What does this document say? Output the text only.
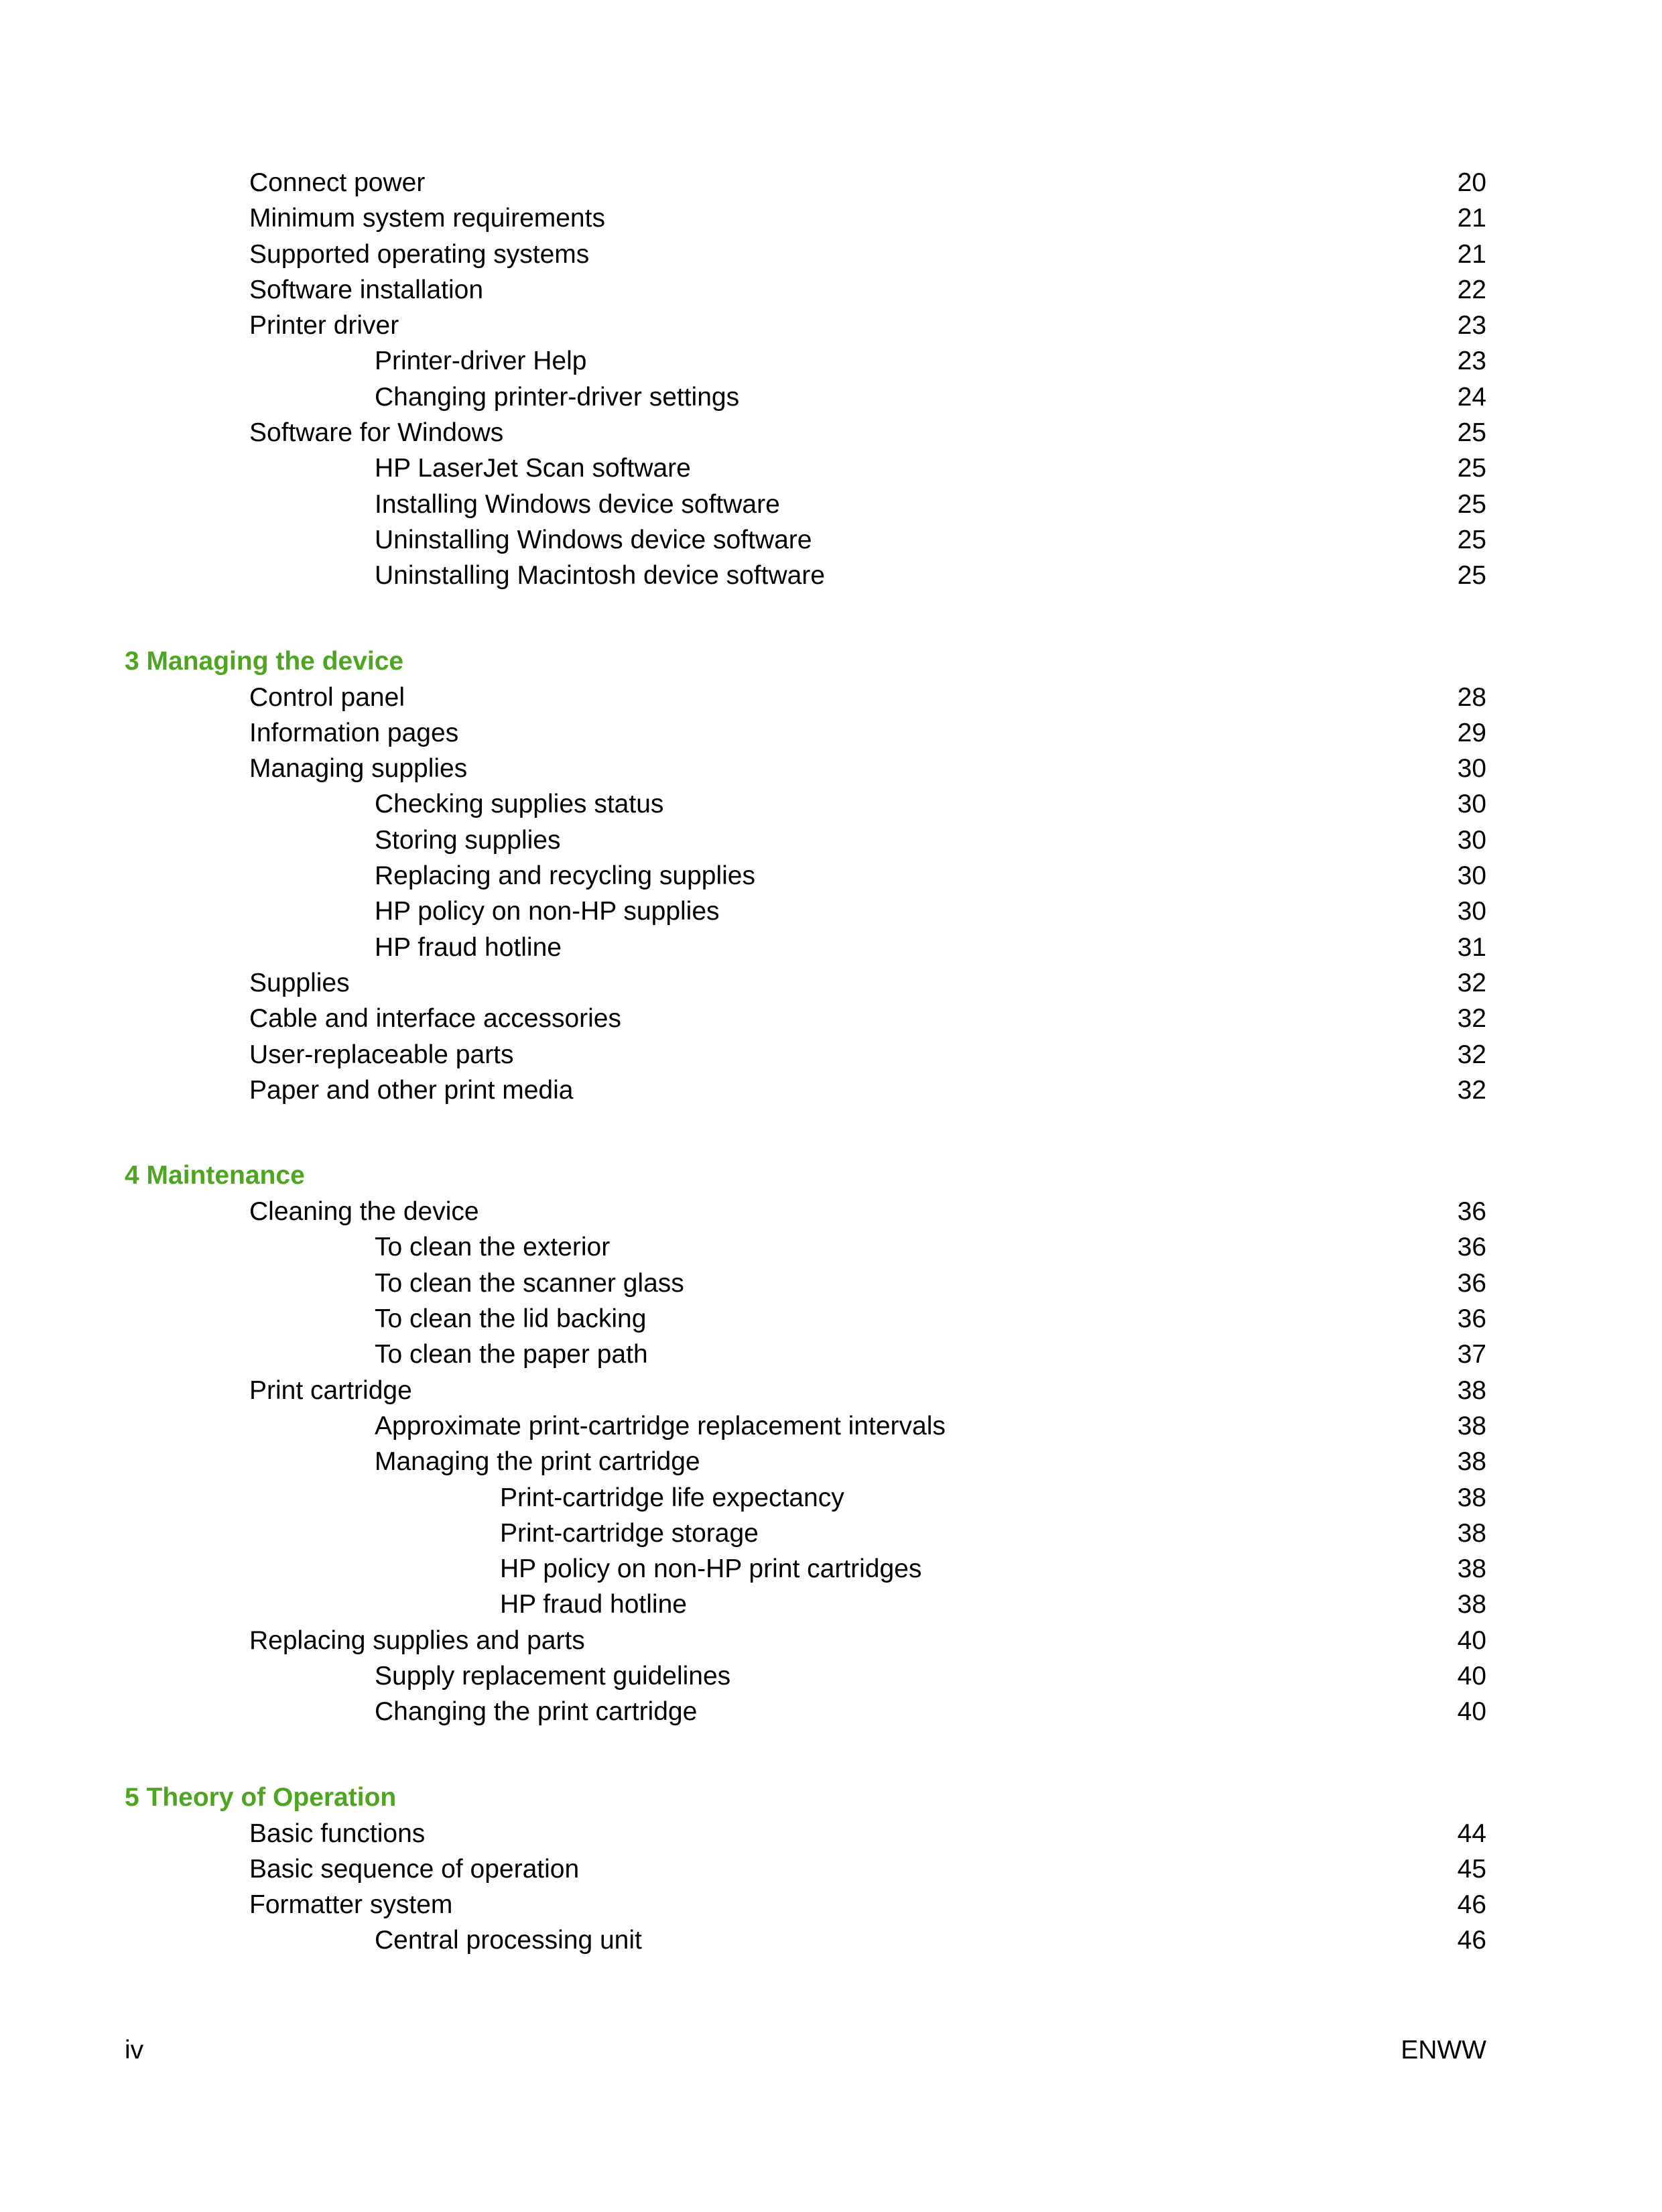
Connect power	20
Minimum system requirements	21
Supported operating systems	21
Software installation	22
Printer driver	23
Printer-driver Help	23
Changing printer-driver settings	24
Software for Windows	25
HP LaserJet Scan software	25
Installing Windows device software	25
Uninstalling Windows device software	25
Uninstalling Macintosh device software	25
3 Managing the device
Control panel	28
Information pages	29
Managing supplies	30
Checking supplies status	30
Storing supplies	30
Replacing and recycling supplies	30
HP policy on non-HP supplies	30
HP fraud hotline	31
Supplies	32
Cable and interface accessories	32
User-replaceable parts	32
Paper and other print media	32
4 Maintenance
Cleaning the device	36
To clean the exterior	36
To clean the scanner glass	36
To clean the lid backing	36
To clean the paper path	37
Print cartridge	38
Approximate print-cartridge replacement intervals	38
Managing the print cartridge	38
Print-cartridge life expectancy	38
Print-cartridge storage	38
HP policy on non-HP print cartridges	38
HP fraud hotline	38
Replacing supplies and parts	40
Supply replacement guidelines	40
Changing the print cartridge	40
5 Theory of Operation
Basic functions	44
Basic sequence of operation	45
Formatter system	46
Central processing unit	46
iv	ENWW
